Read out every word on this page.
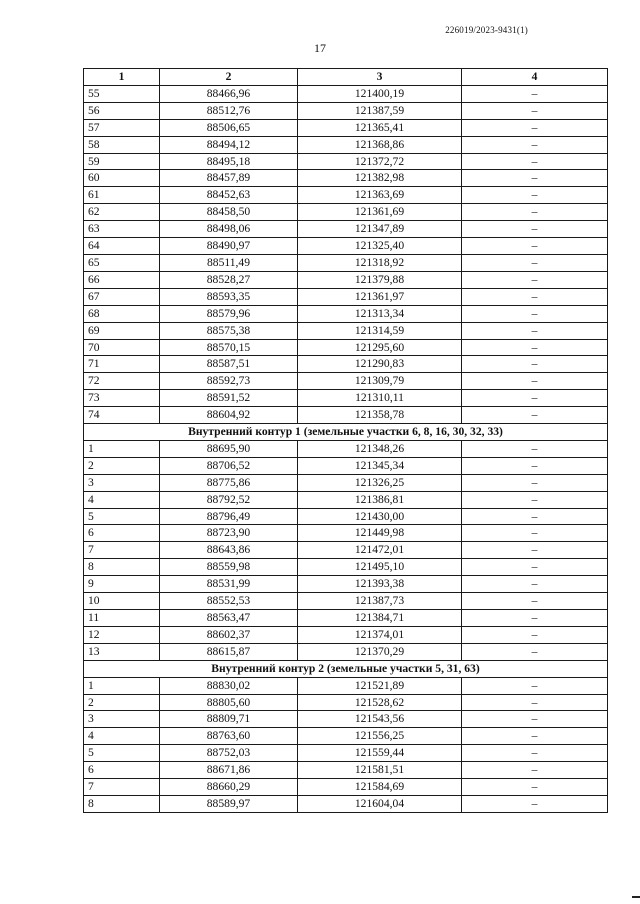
226019/2023-9431(1)
17
1	2	3	4
55	88466,96	121400,19	–
56	88512,76	121387,59	–
57	88506,65	121365,41	–
58	88494,12	121368,86	–
59	88495,18	121372,72	–
60	88457,89	121382,98	–
61	88452,63	121363,69	–
62	88458,50	121361,69	–
63	88498,06	121347,89	–
64	88490,97	121325,40	–
65	88511,49	121318,92	–
66	88528,27	121379,88	–
67	88593,35	121361,97	–
68	88579,96	121313,34	–
69	88575,38	121314,59	–
70	88570,15	121295,60	–
71	88587,51	121290,83	–
72	88592,73	121309,79	–
73	88591,52	121310,11	–
74	88604,92	121358,78	–
Внутренний контур 1 (земельные участки 6, 8, 16, 30, 32, 33)			
1	88695,90	121348,26	–
2	88706,52	121345,34	–
3	88775,86	121326,25	–
4	88792,52	121386,81	–
5	88796,49	121430,00	–
6	88723,90	121449,98	–
7	88643,86	121472,01	–
8	88559,98	121495,10	–
9	88531,99	121393,38	–
10	88552,53	121387,73	–
11	88563,47	121384,71	–
12	88602,37	121374,01	–
13	88615,87	121370,29	–
Внутренний контур 2 (земельные участки 5, 31, 63)			
1	88830,02	121521,89	–
2	88805,60	121528,62	–
3	88809,71	121543,56	–
4	88763,60	121556,25	–
5	88752,03	121559,44	–
6	88671,86	121581,51	–
7	88660,29	121584,69	–
8	88589,97	121604,04	–
